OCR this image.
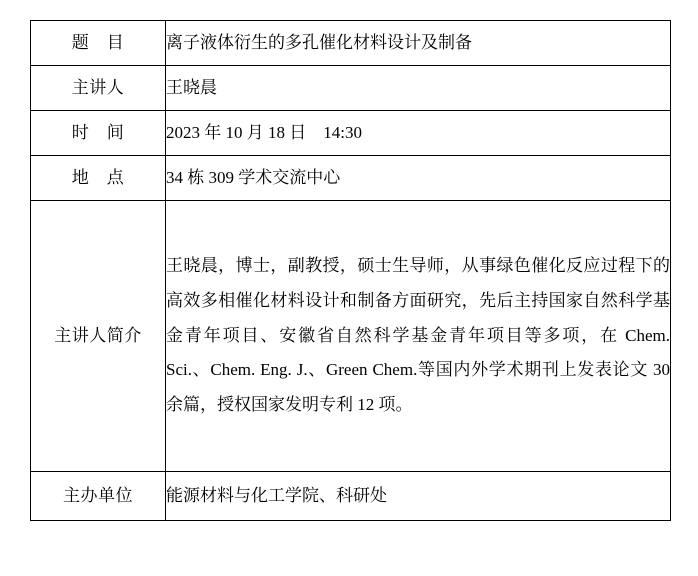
题　目	离子液体衍生的多孔催化材料设计及制备
主讲人	王晓晨
时　间	2023 年 10 月 18 日　14:30
地　点	34 栋 309 学术交流中心
主讲人简介	王晓晨，博士，副教授，硕士生导师，从事绿色催化反应过程下的高效多相催化材料设计和制备方面研究，先后主持国家自然科学基金青年项目、安徽省自然科学基金青年项目等多项，在 Chem. Sci.、Chem. Eng. J.、Green Chem.等国内外学术期刊上发表论文 30 余篇，授权国家发明专利 12 项。
主办单位	能源材料与化工学院、科研处
